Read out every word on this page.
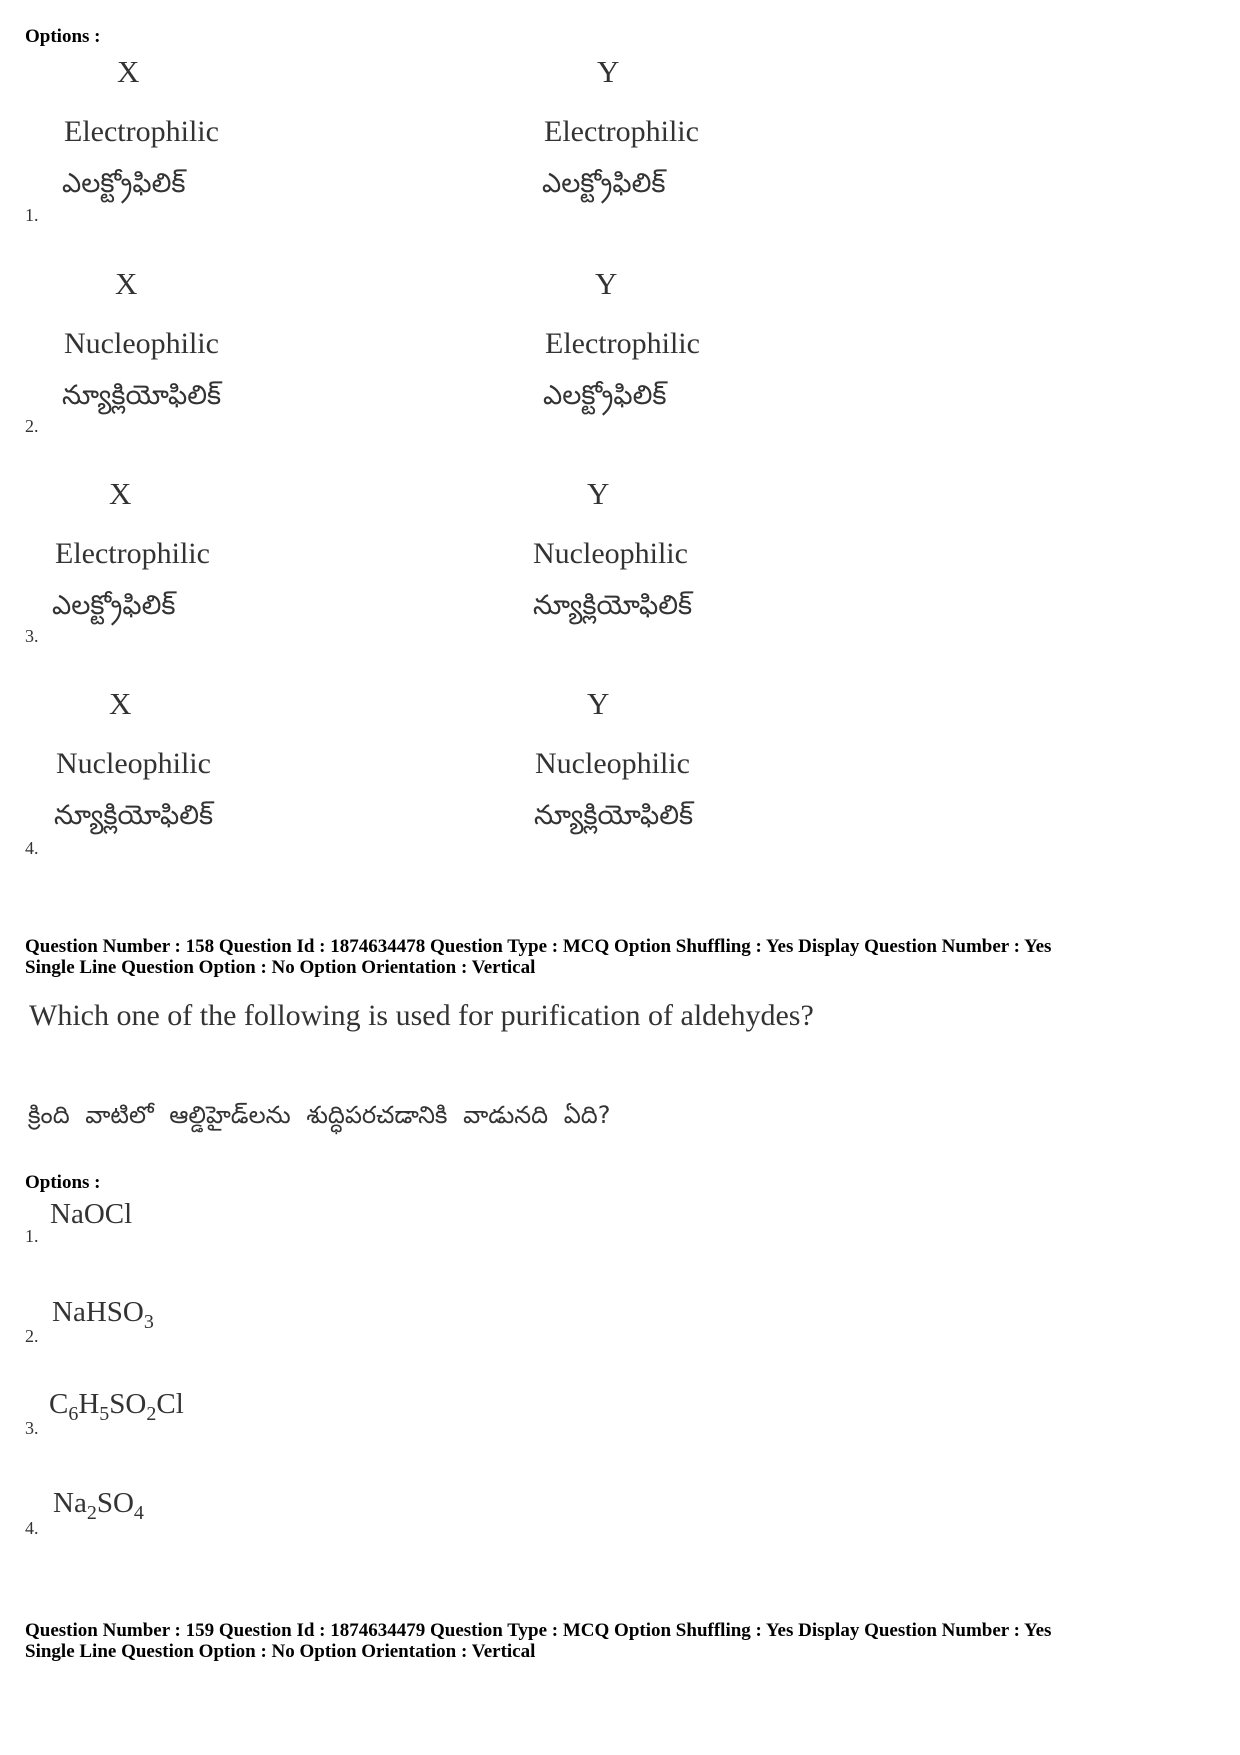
Options :
X	Y
Electrophilic	Electrophilic
ఎలక్ట్రోఫిలిక్	ఎలక్ట్రోఫిలిక్
1.
X	Y
Nucleophilic	Electrophilic
న్యూక్లియోఫిలిక్	ఎలక్ట్రోఫిలిక్
2.
X	Y
Electrophilic	Nucleophilic
ఎలక్ట్రోఫిలిక్	న్యూక్లియోఫిలిక్
3.
X	Y
Nucleophilic	Nucleophilic
న్యూక్లియోఫిలిక్	న్యూక్లియోఫిలిక్
4.
Question Number : 158 Question Id : 1874634478 Question Type : MCQ Option Shuffling : Yes Display Question Number : Yes
Single Line Question Option : No Option Orientation : Vertical
Which one of the following is used for purification of aldehydes?
క్రింది వాటిలో ఆల్డిహైడ్‌లను శుద్ధిపరచడానికి వాడునది ఏది?
Options :
1.
NaOCl
2.
NaHSO$_3$
3.
$C_6H_5SO_2Cl$
4.
$Na_2SO_4$
Question Number : 159 Question Id : 1874634479 Question Type : MCQ Option Shuffling : Yes Display Question Number : Yes
Single Line Question Option : No Option Orientation : Vertical
